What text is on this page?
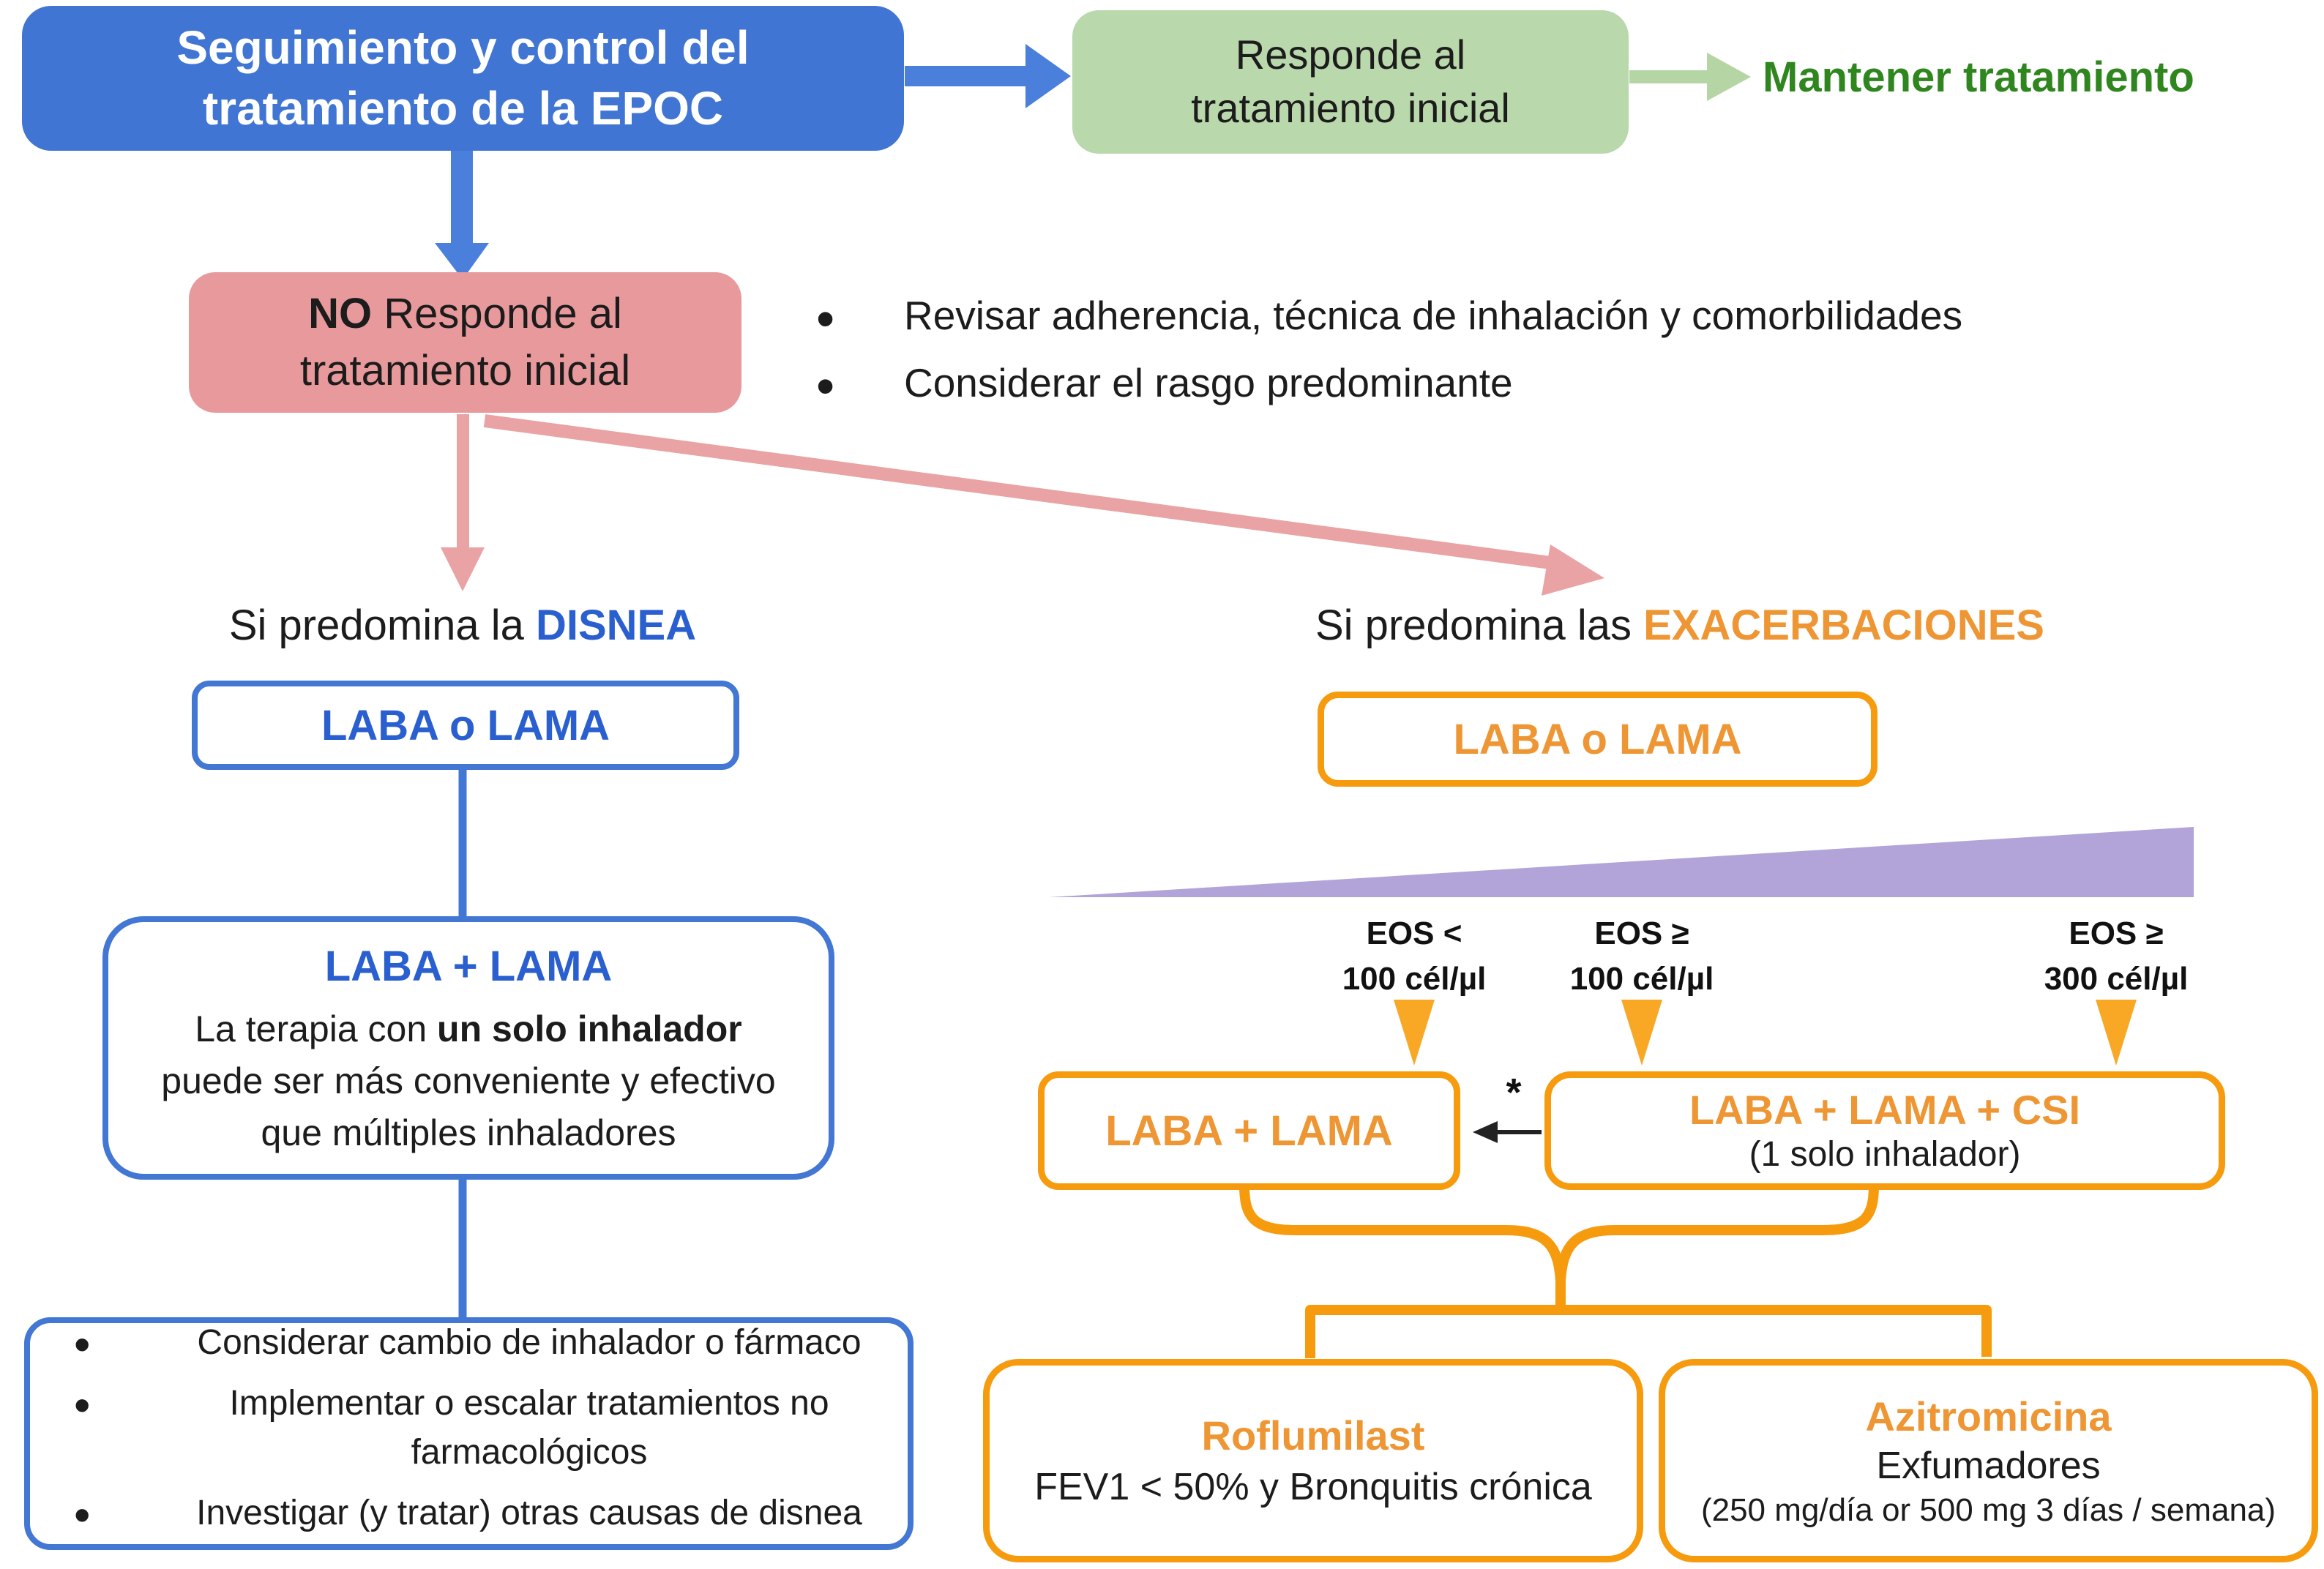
Seguimiento y control del tratamiento de la EPOC
Responde al tratamiento inicial
Mantener tratamiento
NO Responde al tratamiento inicial
• Revisar adherencia, técnica de inhalación y comorbilidades
• Considerar el rasgo predominante
Si predomina la DISNEA	Si predomina las EXACERBACIONES
LABA o LAMA
LABA + LAMA
La terapia con un solo inhalador
puede ser más conveniente y efectivo
que múltiples inhaladores
• Considerar cambio de inhalador o fármaco
• Implementar o escalar tratamientos no farmacológicos
• Investigar (y tratar) otras causas de disnea
LABA o LAMA
EOS <
100 cél/µl
EOS ≥
100 cél/µl
EOS ≥
300 cél/µl
LABA + LAMA
*	LABA + LAMA + CSI
(1 solo inhalador)
Roflumilast
FEV1 < 50% y Bronquitis crónica
Azitromicina
Exfumadores
(250 mg/día or 500 mg 3 días / semana)
